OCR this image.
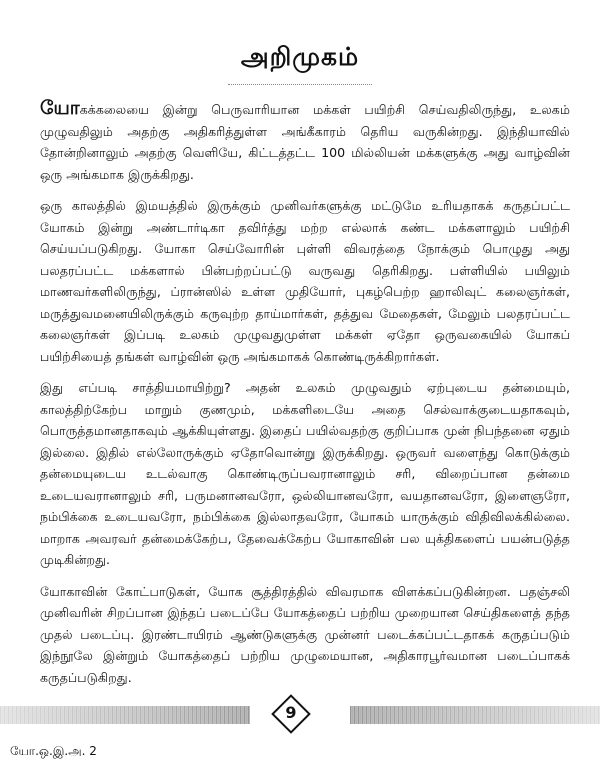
அறிமுகம்

யோகக்கலையை இன்று பெருவாரியான மக்கள் பயிற்சி செய்வதிலிருந்து, உலகம் முழுவதிலும் அதற்கு அதிகரித்துள்ள அங்கீகாரம் தெரிய வருகின்றது. இந்தியாவில் தோன்றினாலும் அதற்கு வெளியே, கிட்டத்தட்ட 100 மில்லியன் மக்களுக்கு அது வாழ்வின் ஒரு அங்கமாக இருக்கிறது.

ஒரு காலத்தில் இமயத்தில் இருக்கும் முனிவர்களுக்கு மட்டுமே உரியதாகக் கருதப்பட்ட யோகம் இன்று அண்டார்டிகா தவிர்த்து மற்ற எல்லாக் கண்ட மக்களாலும் பயிற்சி செய்யப்படுகிறது. யோகா செய்வோரின் புள்ளி விவரத்தை நோக்கும் பொழுது அது பலதரப்பட்ட மக்களால் பின்பற்றப்பட்டு வருவது தெரிகிறது. பள்ளியில் பயிலும் மாணவர்களிலிருந்து, ப்ரான்ஸில் உள்ள முதியோர், புகழ்பெற்ற ஹாலிவுட் கலைஞர்கள், மருத்துவமனையிலிருக்கும் கருவுற்ற தாய்மார்கள், தத்துவ மேதைகள், மேலும் பலதரப்பட்ட கலைஞர்கள் இப்படி உலகம் முழுவதுமுள்ள மக்கள் ஏதோ ஒருவகையில் யோகப் பயிற்சியைத் தங்கள் வாழ்வின் ஒரு அங்கமாகக் கொண்டிருக்கிறார்கள்.

இது எப்படி சாத்தியமாயிற்று? அதன் உலகம் முழுவதும் ஏற்புடைய தன்மையும், காலத்திற்கேற்ப மாறும் குணமும், மக்களிடையே அதை செல்வாக்குடையதாகவும், பொருத்தமானதாகவும் ஆக்கியுள்ளது. இதைப் பயில்வதற்கு குறிப்பாக முன் நிபந்தனை ஏதும் இல்லை. இதில் எல்லோருக்கும் ஏதோவொன்று இருக்கிறது. ஒருவர் வளைந்து கொடுக்கும் தன்மையுடைய உடல்வாகு கொண்டிருப்பவரானாலும் சரி, விறைப்பான தன்மை உடையவரானாலும் சரி, பருமனானவரோ, ஒல்லியானவரோ, வயதானவரோ, இளைஞரோ, நம்பிக்கை உடையவரோ, நம்பிக்கை இல்லாதவரோ, யோகம் யாருக்கும் விதிவிலக்கில்லை. மாறாக அவரவர் தன்மைக்கேற்ப, தேவைக்கேற்ப யோகாவின் பல யுக்திகளைப் பயன்படுத்த முடிகின்றது.

யோகாவின் கோட்பாடுகள், யோக சூத்திரத்தில் விவரமாக விளக்கப்படுகின்றன. பதஞ்சலி முனிவரின் சிறப்பான இந்தப் படைப்பே யோகத்தைப் பற்றிய முறையான செய்திகளைத் தந்த முதல் படைப்பு. இரண்டாயிரம் ஆண்டுகளுக்கு முன்னர் படைக்கப்பட்டதாகக் கருதப்படும் இந்நூலே இன்றும் யோகத்தைப் பற்றிய முழுமையான, அதிகாரபூர்வமான படைப்பாகக் கருதப்படுகிறது.

9
யோ.ஒ.இ.அ. 2
